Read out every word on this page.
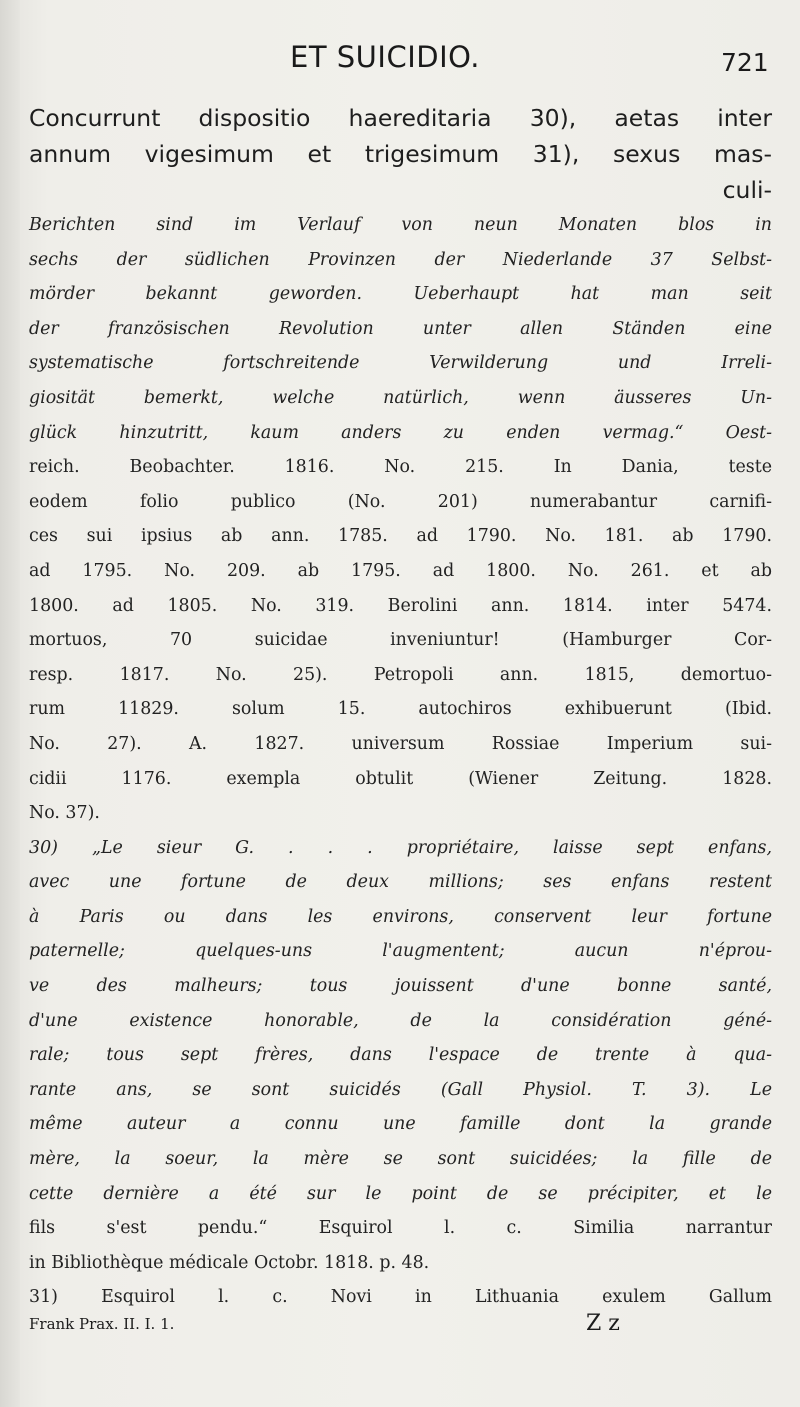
ET SUICIDIO.	721
Concurrunt dispositio haereditaria 30), aetas inter
annum vigesimum et trigesimum 31), sexus mas-
culi-
Berichten sind im Verlauf von neun Monaten blos in
sechs der südlichen Provinzen der Niederlande 37 Selbst-
mörder bekannt geworden. Ueberhaupt hat man seit
der französischen Revolution unter allen Ständen eine
systematische fortschreitende Verwilderung und Irreli-
giosität bemerkt, welche natürlich, wenn äusseres Un-
glück hinzutritt, kaum anders zu enden vermag.“ Oest-
reich. Beobachter. 1816. No. 215. In Dania, teste
eodem folio publico (No. 201) numerabantur carnifi-
ces sui ipsius ab ann. 1785. ad 1790. No. 181. ab 1790.
ad 1795. No. 209. ab 1795. ad 1800. No. 261. et ab
1800. ad 1805. No. 319. Berolini ann. 1814. inter 5474.
mortuos, 70 suicidae inveniuntur! (Hamburger Cor-
resp. 1817. No. 25). Petropoli ann. 1815, demortuo-
rum 11829. solum 15. autochiros exhibuerunt (Ibid.
No. 27). A. 1827. universum Rossiae Imperium sui-
cidii 1176. exempla obtulit (Wiener Zeitung. 1828.
No. 37).
30) „Le sieur G. . . . propriétaire, laisse sept enfans,
avec une fortune de deux millions; ses enfans restent
à Paris ou dans les environs, conservent leur fortune
paternelle; quelques-uns l'augmentent; aucun n'éprou-
ve des malheurs; tous jouissent d'une bonne santé,
d'une existence honorable, de la considération géné-
rale; tous sept frères, dans l'espace de trente à qua-
rante ans, se sont suicidés (Gall Physiol. T. 3). Le
même auteur a connu une famille dont la grande
mère, la soeur, la mère se sont suicidées; la fille de
cette dernière a été sur le point de se précipiter, et le
fils s'est pendu.“ Esquirol l. c. Similia narrantur
in Bibliothèque médicale Octobr. 1818. p. 48.
31) Esquirol l. c. Novi in Lithuania exulem Gallum
Frank Prax. II. I. 1.	Z z
